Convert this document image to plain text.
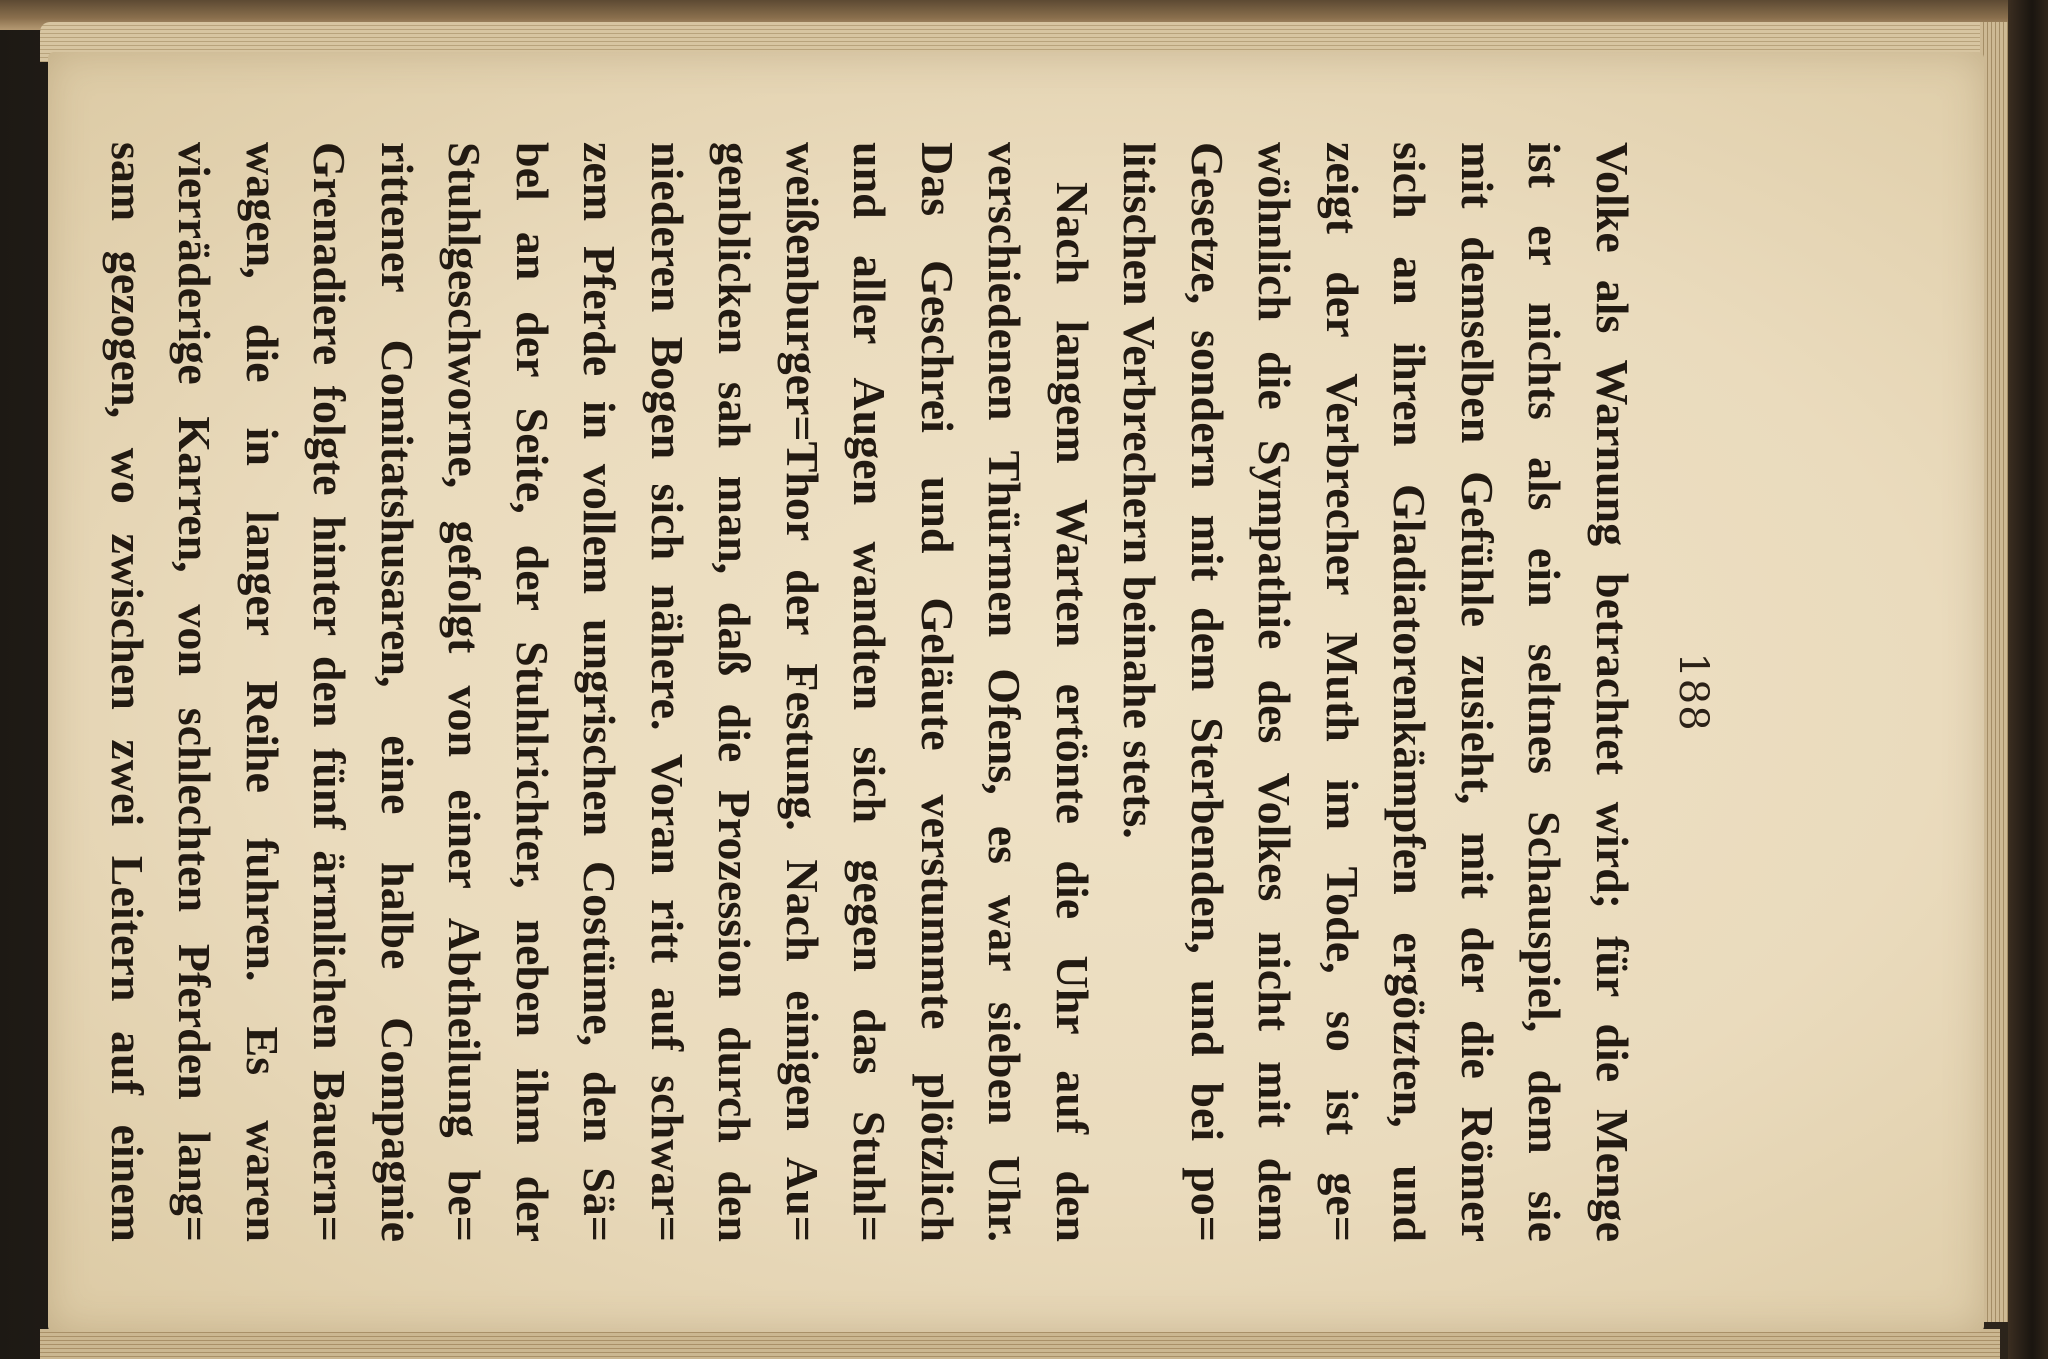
188
Volke als Warnung betrachtet wird; für die Menge
ist er nichts als ein seltnes Schauspiel, dem sie
mit demselben Gefühle zusieht, mit der die Römer
sich an ihren Gladiatorenkämpfen ergötzten, und
zeigt der Verbrecher Muth im Tode, so ist ge=
wöhnlich die Sympathie des Volkes nicht mit dem
Gesetze, sondern mit dem Sterbenden, und bei po=
litischen Verbrechern beinahe stets.
Nach langem Warten ertönte die Uhr auf den
verschiedenen Thürmen Ofens, es war sieben Uhr.
Das Geschrei und Geläute verstummte plötzlich
und aller Augen wandten sich gegen das Stuhl=
weißenburger=Thor der Festung. Nach einigen Au=
genblicken sah man, daß die Prozession durch den
niederen Bogen sich nähere. Voran ritt auf schwar=
zem Pferde in vollem ungrischen Costüme, den Sä=
bel an der Seite, der Stuhlrichter, neben ihm der
Stuhlgeschworne, gefolgt von einer Abtheilung be=
rittener Comitatshusaren, eine halbe Compagnie
Grenadiere folgte hinter den fünf ärmlichen Bauern=
wagen, die in langer Reihe fuhren. Es waren
vierräderige Karren, von schlechten Pferden lang=
sam gezogen, wo zwischen zwei Leitern auf einem
